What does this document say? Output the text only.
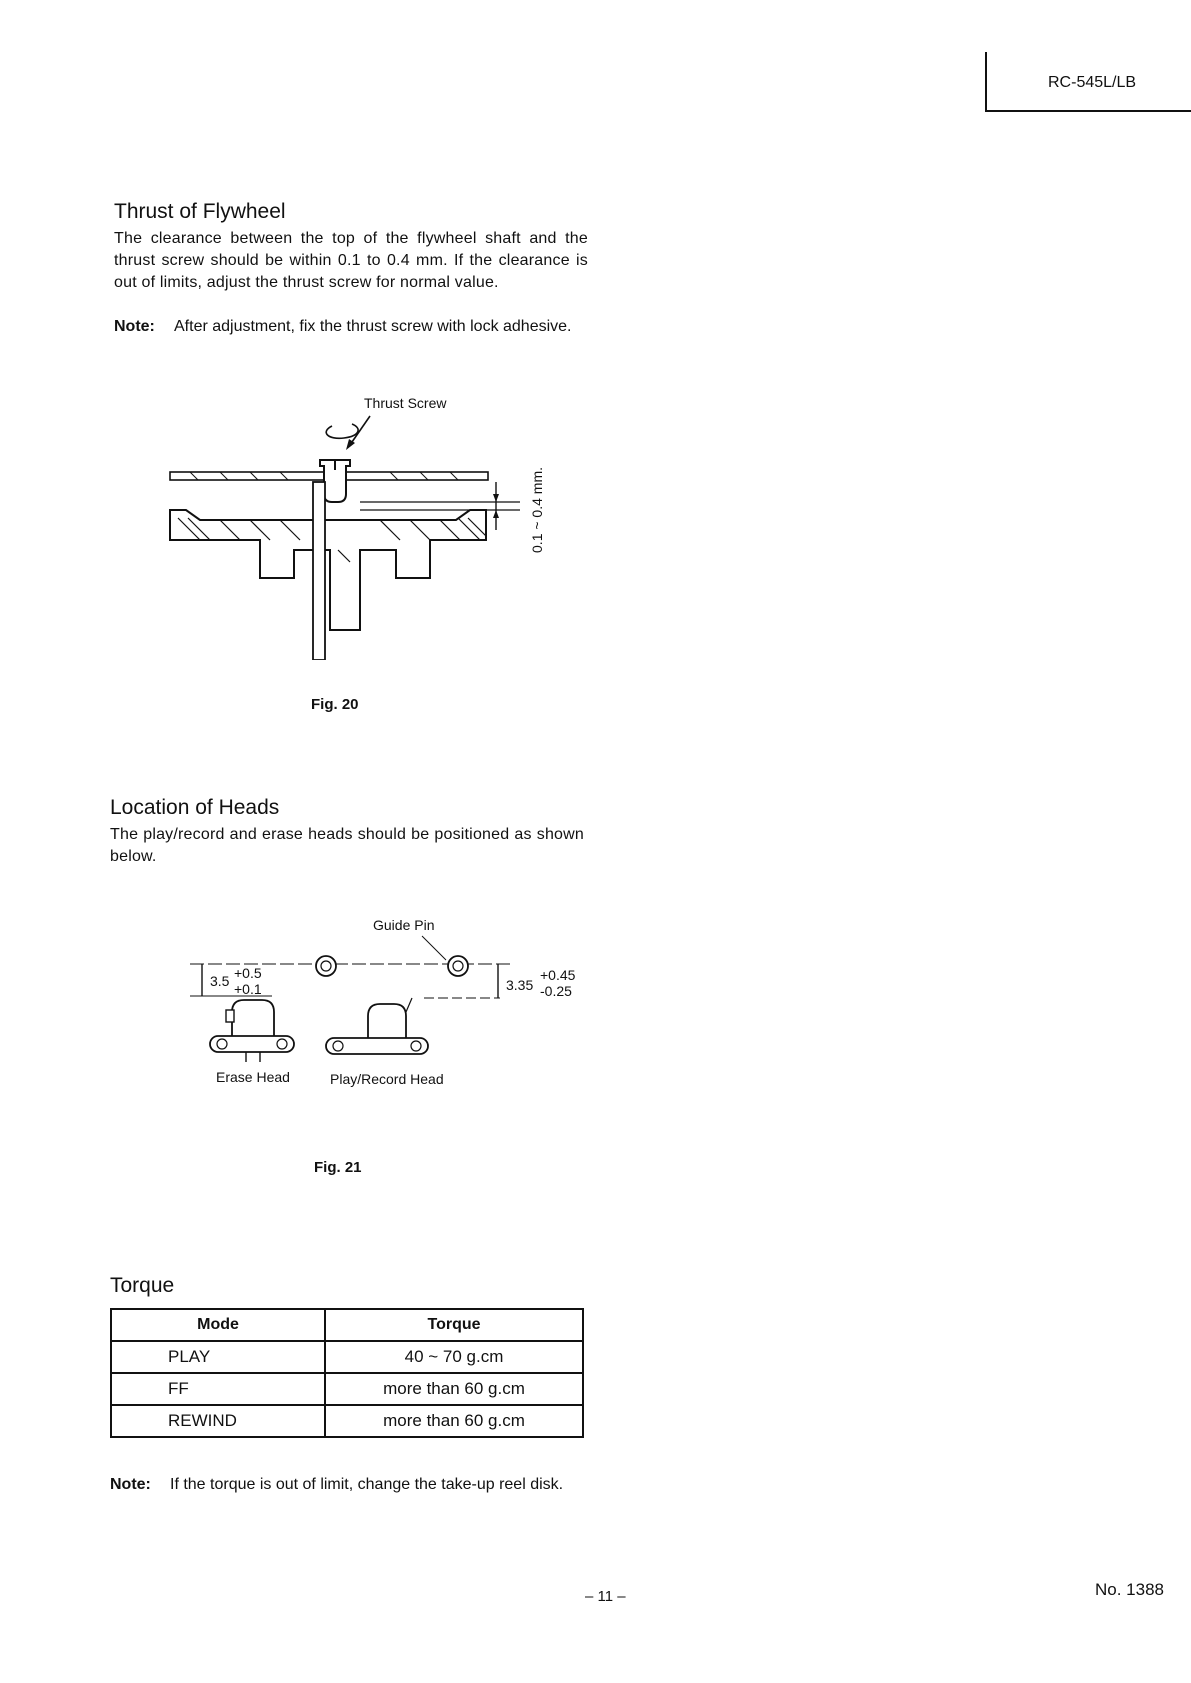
RC-545L/LB
Thrust of Flywheel
The clearance between the top of the flywheel shaft and the thrust screw should be within 0.1 to 0.4 mm. If the clearance is out of limits, adjust the thrust screw for normal value.
Note:	After adjustment, fix the thrust screw with lock adhesive.
Thrust Screw
0.1 ~ 0.4 mm.
Fig. 20
Location of Heads
The play/record and erase heads should be positioned as shown below.
Guide Pin
3.5 +0.5
+0.1	3.35
+0.45
-0.25
Erase Head	Play/Record Head
Fig. 21
Torque
Mode	Torque
PLAY	40 ~ 70 g.cm
FF	more than 60 g.cm
REWIND	more than 60 g.cm
Note:	If the torque is out of limit, change the take-up reel disk.
– 11 –	No. 1388
